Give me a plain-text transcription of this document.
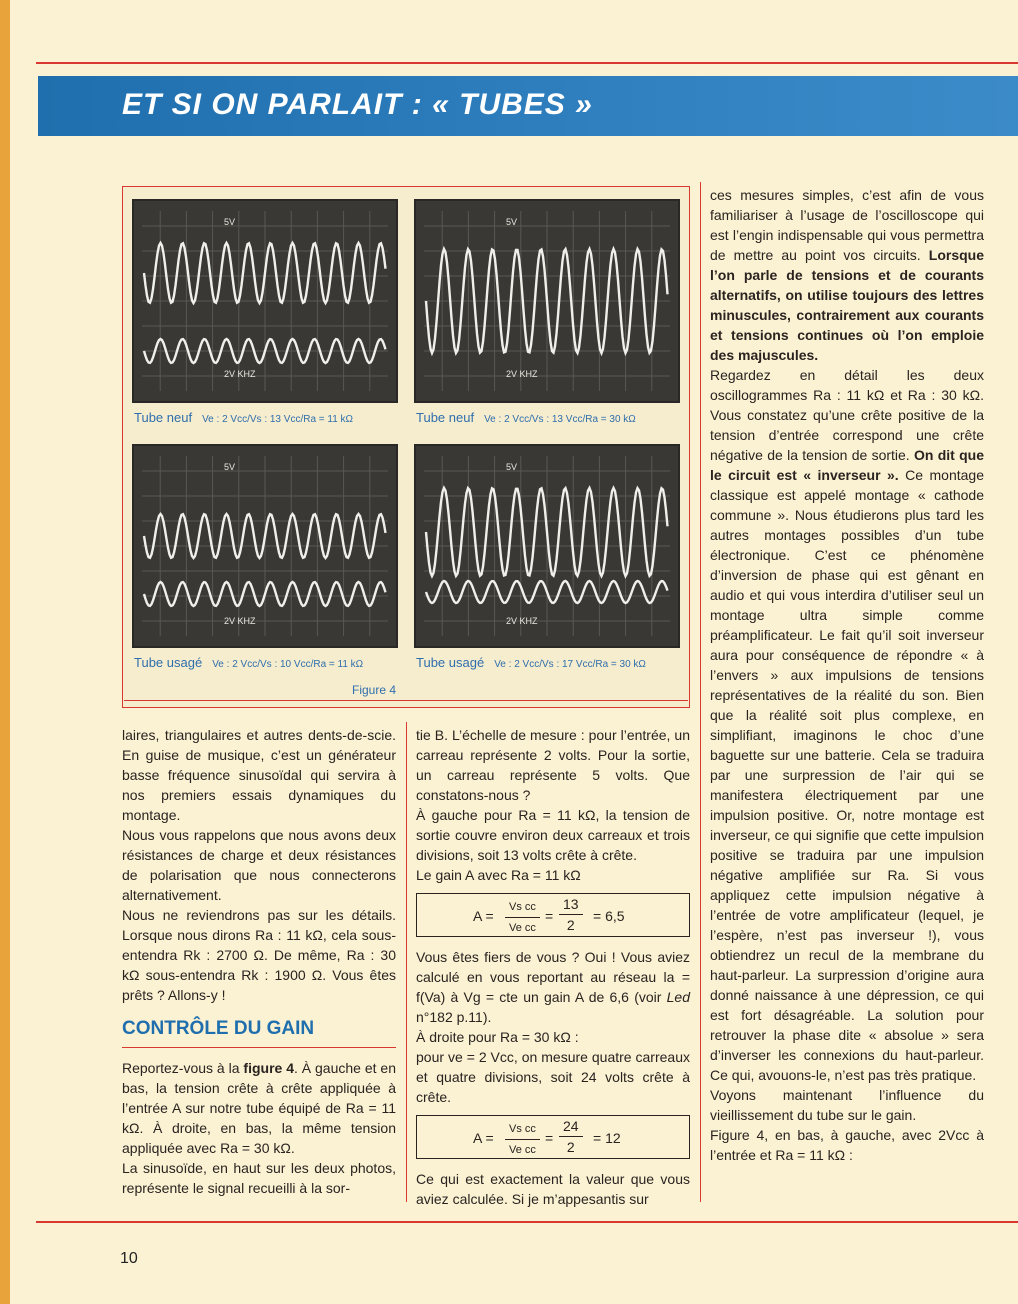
ET SI ON PARLAIT : « TUBES »
5V
2V KHZ
Tube neuf Ve : 2 Vcc/Vs : 13 Vcc/Ra = 11 kΩ
5V
2V KHZ
Tube neuf Ve : 2 Vcc/Vs : 13 Vcc/Ra = 30 kΩ
5V
2V KHZ
Tube usagé Ve : 2 Vcc/Vs : 10 Vcc/Ra = 11 kΩ
5V
2V KHZ
Tube usagé Ve : 2 Vcc/Vs : 17 Vcc/Ra = 30 kΩ
Figure 4

laires, triangulaires et autres dents-de-scie. En guise de musique, c’est un générateur basse fréquence sinusoïdal qui servira à nos premiers essais dynamiques du montage.

Nous vous rappelons que nous avons deux résistances de charge et deux résistances de polarisation que nous connecterons alternativement.

Nous ne reviendrons pas sur les détails. Lorsque nous dirons Ra : 11 kΩ, cela sous-entendra Rk : 2700 Ω. De même, Ra : 30 kΩ sous-entendra Rk : 1900 Ω. Vous êtes prêts ? Allons-y !

CONTRÔLE DU GAIN

Reportez-vous à la figure 4. À gauche et en bas, la tension crête à crête appliquée à l’entrée A sur notre tube équipé de Ra = 11 kΩ. À droite, en bas, la même tension appliquée avec Ra = 30 kΩ.

La sinusoïde, en haut sur les deux photos, représente le signal recueilli à la sor-

tie B. L’échelle de mesure : pour l’entrée, un carreau représente 2 volts. Pour la sortie, un carreau représente 5 volts. Que constatons-nous ?

À gauche pour Ra = 11 kΩ, la tension de sortie couvre environ deux carreaux et trois divisions, soit 13 volts crête à crête.

Le gain A avec Ra = 11 kΩ

$A = \frac{\text{Vs cc}}{\text{Ve cc}} = \frac{13}{2} = 6,5$

Vous êtes fiers de vous ? Oui ! Vous aviez calculé en vous reportant au réseau la = f(Va) à Vg = cte un gain A de 6,6 (voir Led n°182 p.11).

À droite pour Ra = 30 kΩ :

pour ve = 2 Vcc, on mesure quatre carreaux et quatre divisions, soit 24 volts crête à crête.

$A = \frac{\text{Vs cc}}{\text{Ve cc}} = \frac{24}{2} = 12$

Ce qui est exactement la valeur que vous aviez calculée. Si je m’appesantis sur

ces mesures simples, c’est afin de vous familiariser à l’usage de l’oscilloscope qui est l’engin indispensable qui vous permettra de mettre au point vos circuits. Lorsque l’on parle de tensions et de courants alternatifs, on utilise toujours des lettres minuscules, contrairement aux courants et tensions continues où l’on emploie des majuscules.

Regardez en détail les deux oscillogrammes Ra : 11 kΩ et Ra : 30 kΩ. Vous constatez qu’une crête positive de la tension d’entrée correspond une crête négative de la tension de sortie. On dit que le circuit est « inverseur ». Ce montage classique est appelé montage « cathode commune ». Nous étudierons plus tard les autres montages possibles d’un tube électronique. C’est ce phénomène d’inversion de phase qui est gênant en audio et qui vous interdira d’utiliser seul un montage ultra simple comme préamplificateur. Le fait qu’il soit inverseur aura pour conséquence de répondre « à l’envers » aux impulsions de tensions représentatives de la réalité du son. Bien que la réalité soit plus complexe, en simplifiant, imaginons le choc d’une baguette sur une batterie. Cela se traduira par une surpression de l’air qui se manifestera électriquement par une impulsion positive. Or, notre montage est inverseur, ce qui signifie que cette impulsion positive se traduira par une impulsion négative amplifiée sur Ra. Si vous appliquez cette impulsion négative à l’entrée de votre amplificateur (lequel, je l’espère, n’est pas inverseur !), vous obtiendrez un recul de la membrane du haut-parleur. La surpression d’origine aura donné naissance à une dépression, ce qui est fort désagréable. La solution pour retrouver la phase dite « absolue » sera d’inverser les connexions du haut-parleur. Ce qui, avouons-le, n’est pas très pratique.

Voyons maintenant l’influence du vieillissement du tube sur le gain.

Figure 4, en bas, à gauche, avec 2Vcc à l’entrée et Ra = 11 kΩ :

10
